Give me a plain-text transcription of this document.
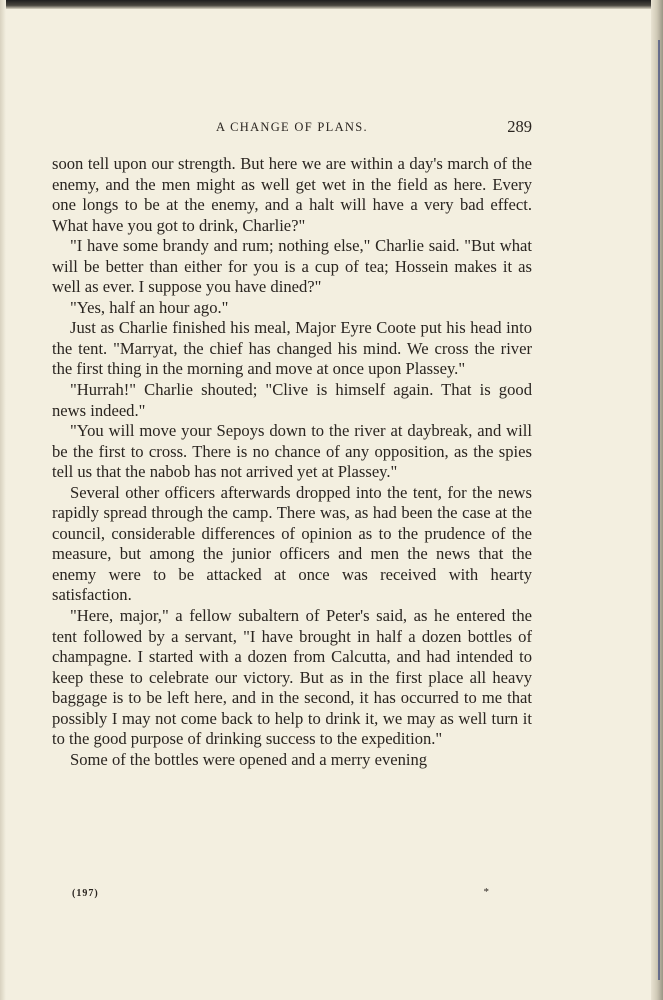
A CHANGE OF PLANS.	289

soon tell upon our strength. But here we are within a day's march of the enemy, and the men might as well get wet in the field as here. Every one longs to be at the enemy, and a halt will have a very bad effect. What have you got to drink, Charlie?"

"I have some brandy and rum; nothing else," Charlie said. "But what will be better than either for you is a cup of tea; Hossein makes it as well as ever. I suppose you have dined?"

"Yes, half an hour ago."

Just as Charlie finished his meal, Major Eyre Coote put his head into the tent. "Marryat, the chief has changed his mind. We cross the river the first thing in the morning and move at once upon Plassey."

"Hurrah!" Charlie shouted; "Clive is himself again. That is good news indeed."

"You will move your Sepoys down to the river at daybreak, and will be the first to cross. There is no chance of any opposition, as the spies tell us that the nabob has not arrived yet at Plassey."

Several other officers afterwards dropped into the tent, for the news rapidly spread through the camp. There was, as had been the case at the council, considerable differences of opinion as to the prudence of the measure, but among the junior officers and men the news that the enemy were to be attacked at once was received with hearty satisfaction.

"Here, major," a fellow subaltern of Peter's said, as he entered the tent followed by a servant, "I have brought in half a dozen bottles of champagne. I started with a dozen from Calcutta, and had intended to keep these to celebrate our victory. But as in the first place all heavy baggage is to be left here, and in the second, it has occurred to me that possibly I may not come back to help to drink it, we may as well turn it to the good purpose of drinking success to the expedition."

Some of the bottles were opened and a merry evening

(197)	*
